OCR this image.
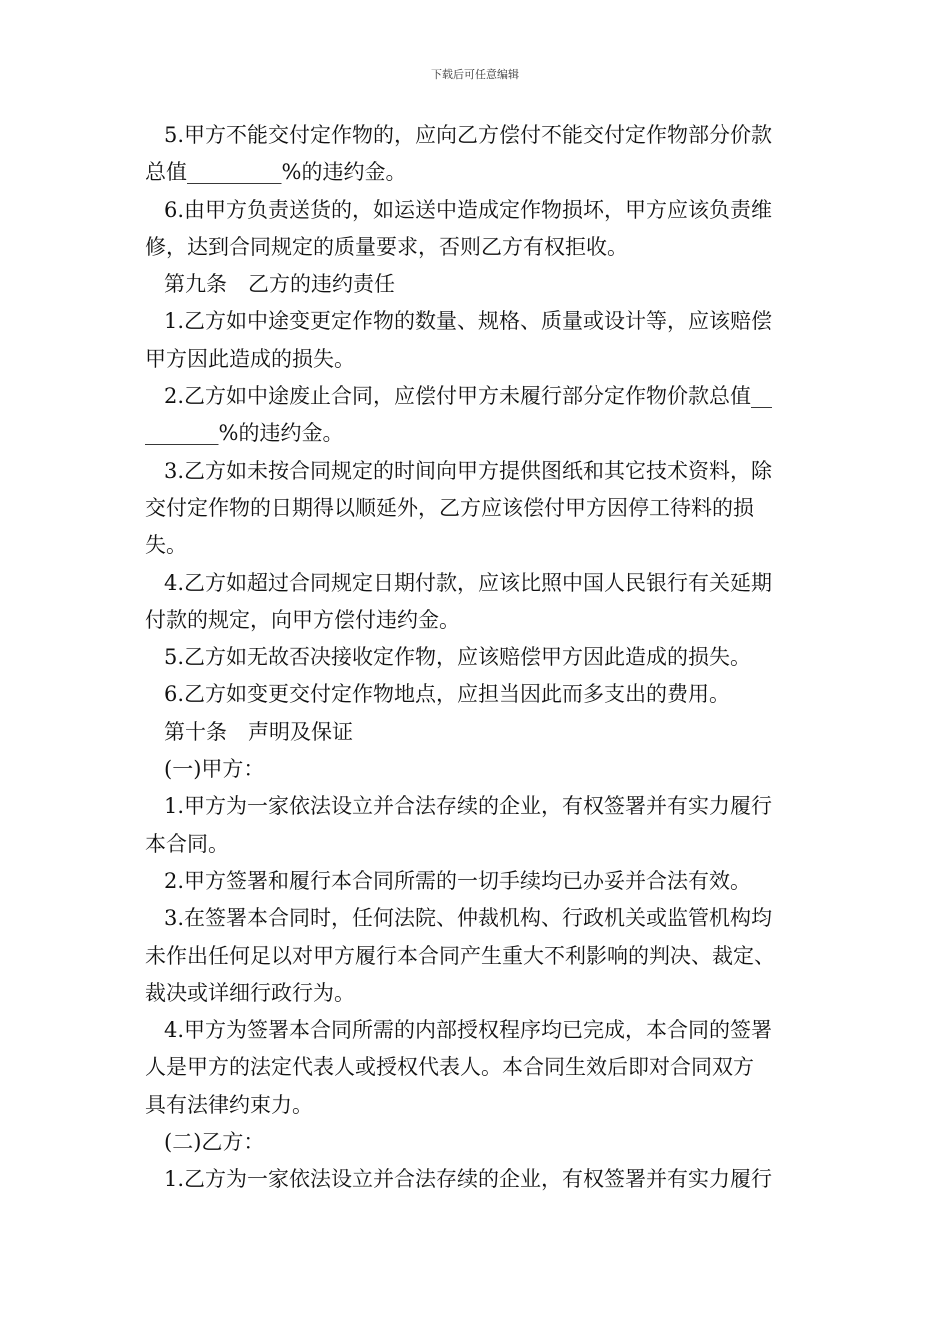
下载后可任意编辑
5.甲方不能交付定作物的，应向乙方偿付不能交付定作物部分价款
总值_________%的违约金。
6.由甲方负责送货的，如运送中造成定作物损坏，甲方应该负责维
修，达到合同规定的质量要求，否则乙方有权拒收。
第九条　乙方的违约责任
1.乙方如中途变更定作物的数量、规格、质量或设计等，应该赔偿
甲方因此造成的损失。
2.乙方如中途废止合同，应偿付甲方未履行部分定作物价款总值__
_______%的违约金。
3.乙方如未按合同规定的时间向甲方提供图纸和其它技术资料，除
交付定作物的日期得以顺延外，乙方应该偿付甲方因停工待料的损
失。
4.乙方如超过合同规定日期付款，应该比照中国人民银行有关延期
付款的规定，向甲方偿付违约金。
5.乙方如无故否决接收定作物，应该赔偿甲方因此造成的损失。
6.乙方如变更交付定作物地点，应担当因此而多支出的费用。
第十条　声明及保证
(一)甲方：
1.甲方为一家依法设立并合法存续的企业，有权签署并有实力履行
本合同。
2.甲方签署和履行本合同所需的一切手续均已办妥并合法有效。
3.在签署本合同时，任何法院、仲裁机构、行政机关或监管机构均
未作出任何足以对甲方履行本合同产生重大不利影响的判决、裁定、
裁决或详细行政行为。
4.甲方为签署本合同所需的内部授权程序均已完成，本合同的签署
人是甲方的法定代表人或授权代表人。本合同生效后即对合同双方
具有法律约束力。
(二)乙方：
1.乙方为一家依法设立并合法存续的企业，有权签署并有实力履行
